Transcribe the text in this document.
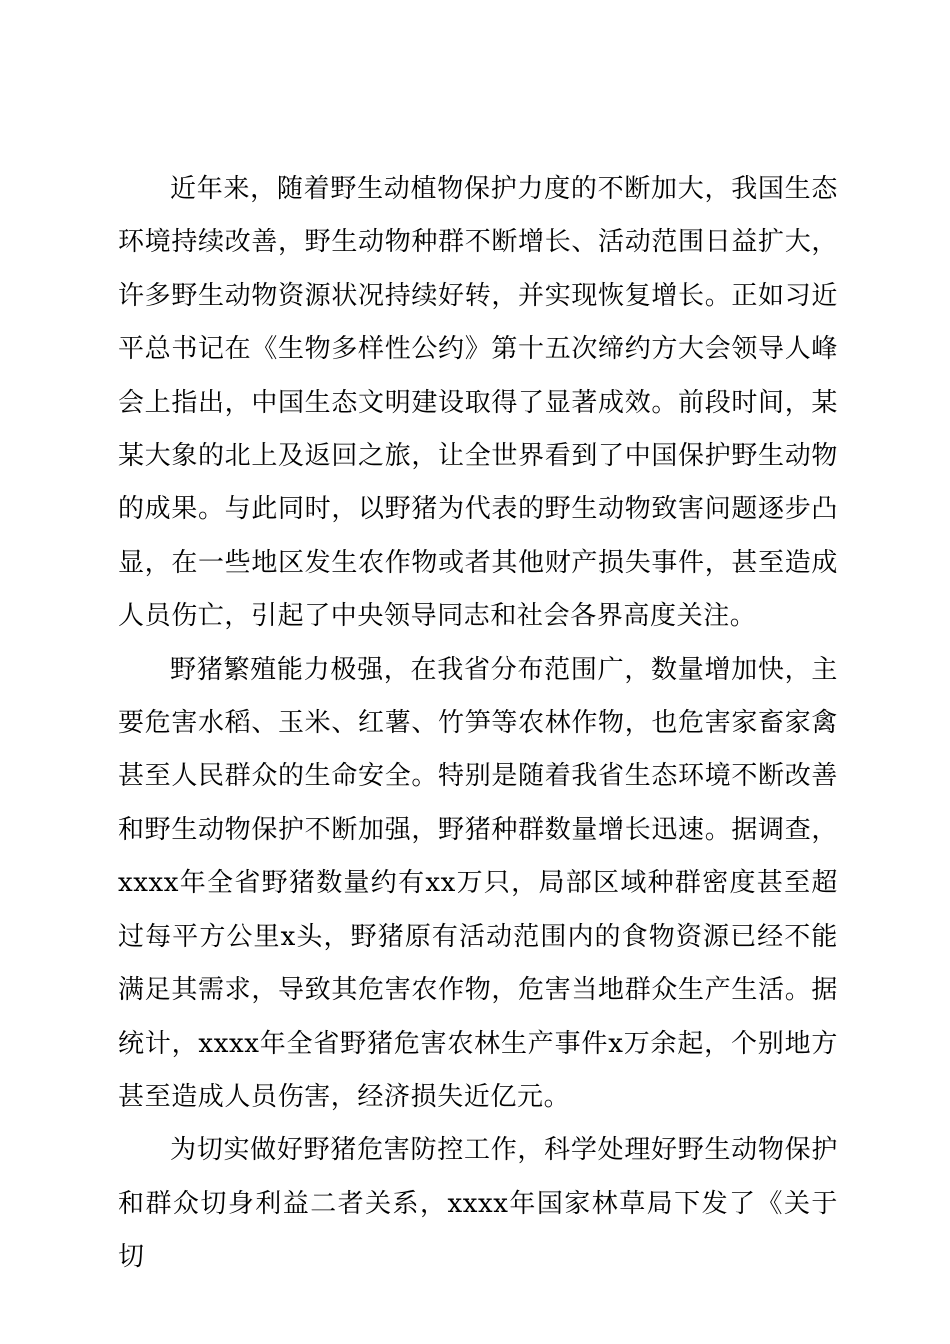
近年来，随着野生动植物保护力度的不断加大，我国生态环境持续改善，野生动物种群不断增长、活动范围日益扩大，许多野生动物资源状况持续好转，并实现恢复增长。正如习近平总书记在《生物多样性公约》第十五次缔约方大会领导人峰会上指出，中国生态文明建设取得了显著成效。前段时间，某某大象的北上及返回之旅，让全世界看到了中国保护野生动物的成果。与此同时，以野猪为代表的野生动物致害问题逐步凸显，在一些地区发生农作物或者其他财产损失事件，甚至造成人员伤亡，引起了中央领导同志和社会各界高度关注。

野猪繁殖能力极强，在我省分布范围广，数量增加快，主要危害水稻、玉米、红薯、竹笋等农林作物，也危害家畜家禽甚至人民群众的生命安全。特别是随着我省生态环境不断改善和野生动物保护不断加强，野猪种群数量增长迅速。据调查，xxxx年全省野猪数量约有xx万只，局部区域种群密度甚至超过每平方公里x头，野猪原有活动范围内的食物资源已经不能满足其需求，导致其危害农作物，危害当地群众生产生活。据统计，xxxx年全省野猪危害农林生产事件x万余起，个别地方甚至造成人员伤害，经济损失近亿元。

为切实做好野猪危害防控工作，科学处理好野生动物保护和群众切身利益二者关系，xxxx年国家林草局下发了《关于切
